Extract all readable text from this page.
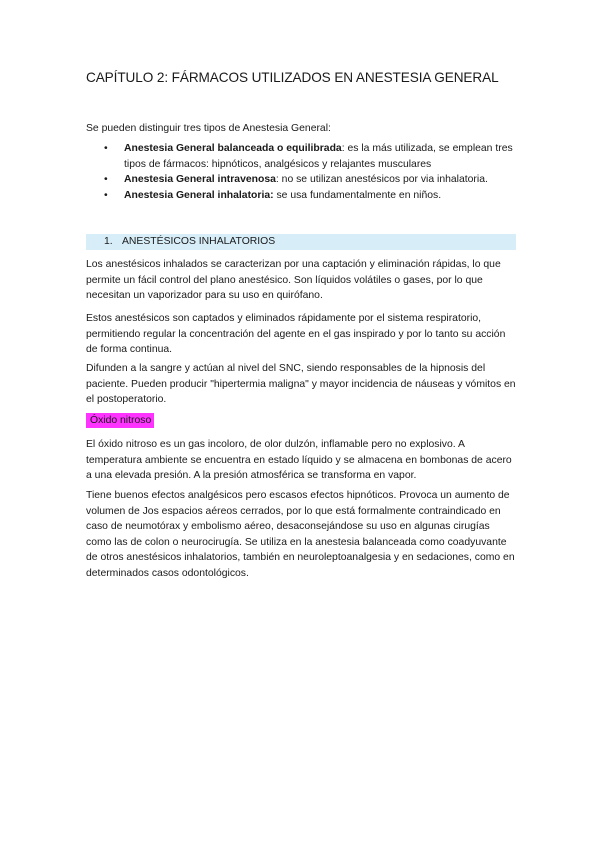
CAPÍTULO 2: FÁRMACOS UTILIZADOS EN ANESTESIA GENERAL
Se pueden distinguir tres tipos de Anestesia General:
• Anestesia General balanceada o equilibrada: es la más utilizada, se emplean tres tipos de fármacos: hipnóticos, analgésicos y relajantes musculares
• Anestesia General intravenosa: no se utilizan anestésicos por via inhalatoria.
• Anestesia General inhalatoria: se usa fundamentalmente en niños.
1. ANESTÉSICOS INHALATORIOS

Los anestésicos inhalados se caracterizan por una captación y eliminación rápidas, lo que permite un fácil control del plano anestésico. Son líquidos volátiles o gases, por lo que necesitan un vaporizador para su uso en quirófano.

Estos anestésicos son captados y eliminados rápidamente por el sistema respiratorio, permitiendo regular la concentración del agente en el gas inspirado y por lo tanto su acción de forma continua.

Difunden a la sangre y actúan al nivel del SNC, siendo responsables de la hipnosis del paciente. Pueden producir "hipertermia maligna" y mayor incidencia de náuseas y vómitos en el postoperatorio.

Óxido nitroso

El óxido nitroso es un gas incoloro, de olor dulzón, inflamable pero no explosivo. A temperatura ambiente se encuentra en estado líquido y se almacena en bombonas de acero a una elevada presión. A la presión atmosférica se transforma en vapor.

Tiene buenos efectos analgésicos pero escasos efectos hipnóticos. Provoca un aumento de volumen de Jos espacios aéreos cerrados, por lo que está formalmente contraindicado en caso de neumotórax y embolismo aéreo, desaconsejándose su uso en algunas cirugías como las de colon o neurocirugía. Se utiliza en la anestesia balanceada como coadyuvante de otros anestésicos inhalatorios, también en neuroleptoanalgesia y en sedaciones, como en determinados casos odontológicos.
